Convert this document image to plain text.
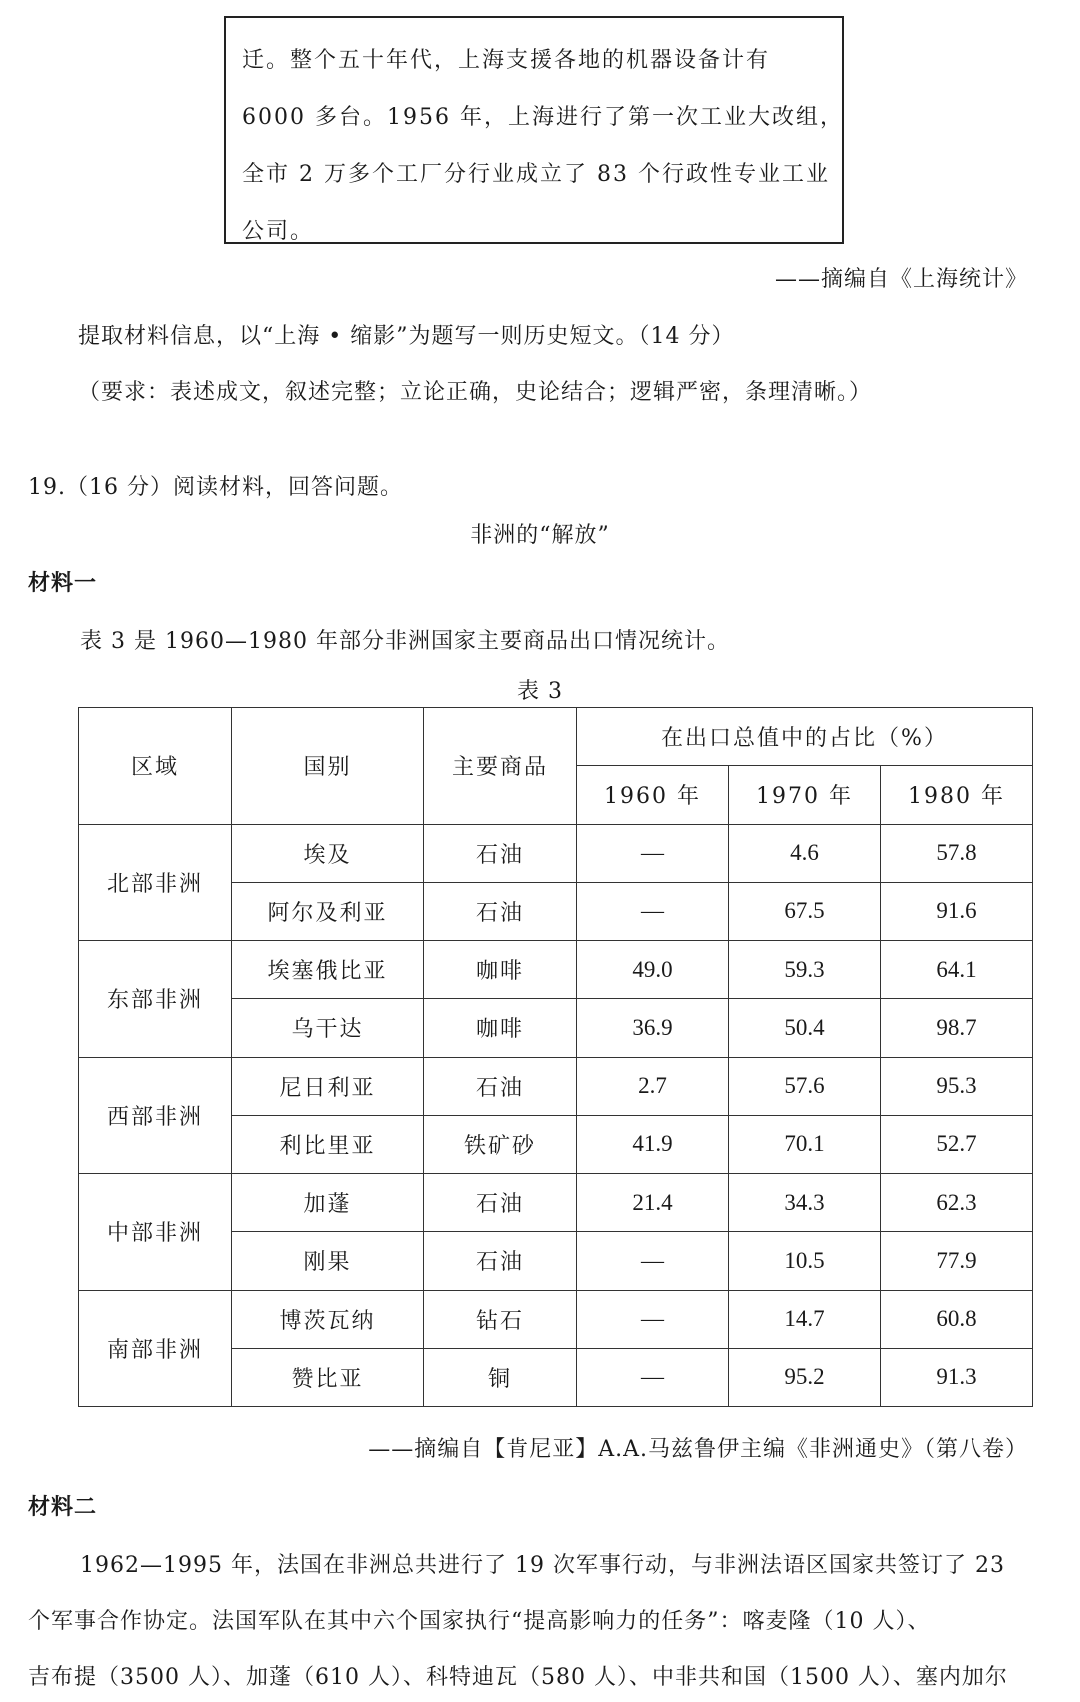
迁。整个五十年代，上海支援各地的机器设备计有

6000 多台。1956 年，上海进行了第一次工业大改组，

全市 2 万多个工厂分行业成立了 83 个行政性专业工业

公司。

——摘编自《上海统计》
提取材料信息，以“上海 • 缩影”为题写一则历史短文。（14 分）
（要求：表述成文，叙述完整；立论正确，史论结合；逻辑严密，条理清晰。）
19.（16 分）阅读材料，回答问题。
非洲的“解放”
材料一
表 3 是 1960—1980 年部分非洲国家主要商品出口情况统计。
表 3
区域	国别	主要商品	在出口总值中的占比（%）		
			1960 年	1970 年	1980 年
北部非洲	埃及	石油	—	4.6	57.8
	阿尔及利亚	石油	—	67.5	91.6
东部非洲	埃塞俄比亚	咖啡	49.0	59.3	64.1
	乌干达	咖啡	36.9	50.4	98.7
西部非洲	尼日利亚	石油	2.7	57.6	95.3
	利比里亚	铁矿砂	41.9	70.1	52.7
中部非洲	加蓬	石油	21.4	34.3	62.3
	刚果	石油	—	10.5	77.9
南部非洲	博茨瓦纳	钻石	—	14.7	60.8
	赞比亚	铜	—	95.2	91.3
——摘编自【肯尼亚】A.A.马兹鲁伊主编《非洲通史》（第八卷）
材料二
1962—1995 年，法国在非洲总共进行了 19 次军事行动，与非洲法语区国家共签订了 23
个军事合作协定。法国军队在其中六个国家执行“提高影响力的任务”：喀麦隆（10 人）、
吉布提（3500 人）、加蓬（610 人）、科特迪瓦（580 人）、中非共和国（1500 人）、塞内加尔
